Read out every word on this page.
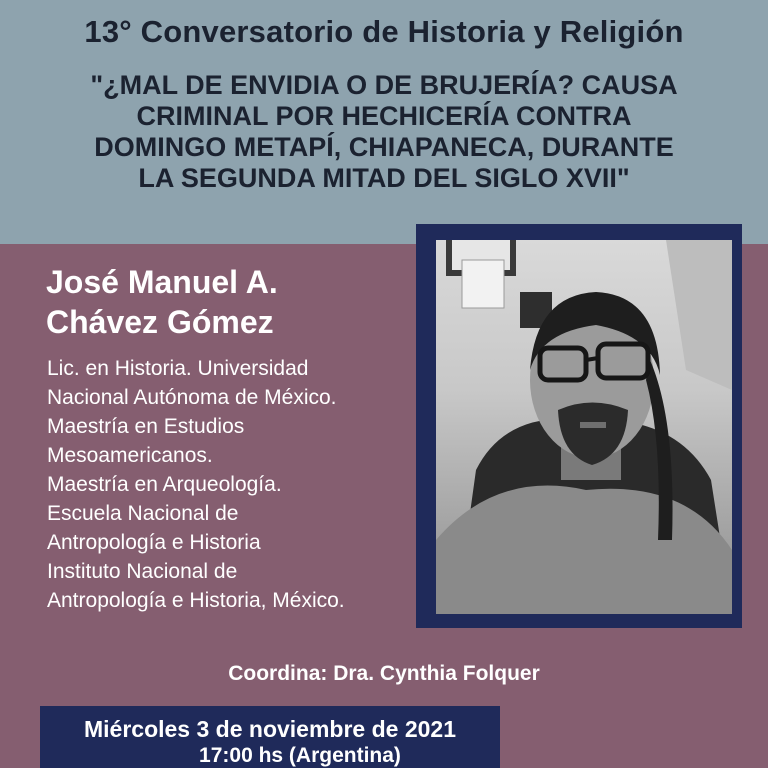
13° Conversatorio de Historia y Religión
"¿MAL DE ENVIDIA O DE BRUJERÍA? CAUSA
CRIMINAL POR HECHICERÍA CONTRA
DOMINGO METAPÍ, CHIAPANECA, DURANTE
LA SEGUNDA MITAD DEL SIGLO XVII"
José Manuel A.
Chávez Gómez
Lic. en Historia. Universidad
Nacional Autónoma de México.
Maestría en Estudios
Mesoamericanos.
Maestría en Arqueología.
Escuela Nacional de
Antropología e Historia
Instituto Nacional de
Antropología e Historia, México.
Coordina: Dra. Cynthia Folquer
Miércoles 3 de noviembre de 2021
17:00 hs (Argentina)
